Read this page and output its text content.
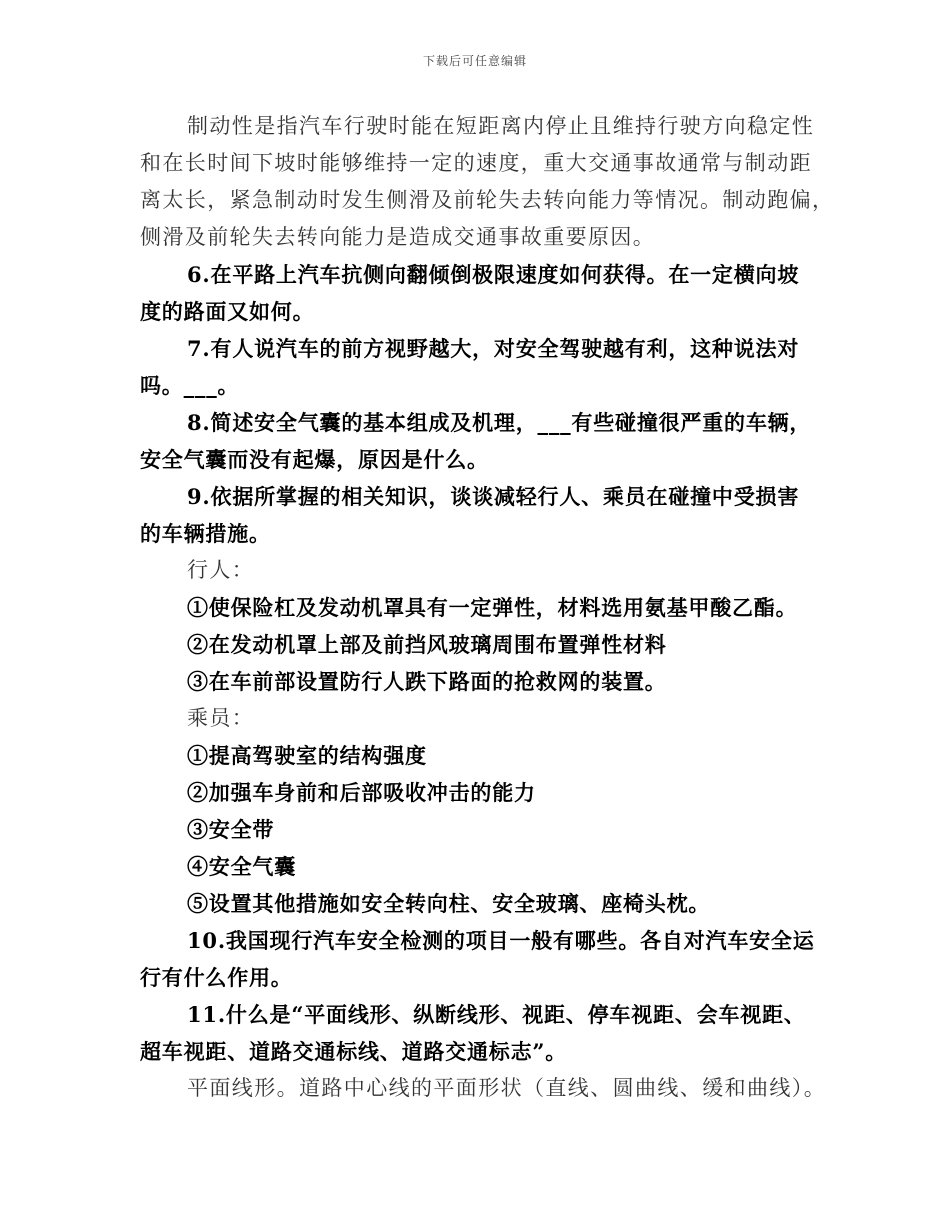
下载后可任意编辑
制动性是指汽车行驶时能在短距离内停止且维持行驶方向稳定性
和在长时间下坡时能够维持一定的速度，重大交通事故通常与制动距
离太长，紧急制动时发生侧滑及前轮失去转向能力等情况。制动跑偏，
侧滑及前轮失去转向能力是造成交通事故重要原因。
6.在平路上汽车抗侧向翻倾倒极限速度如何获得。在一定横向坡
度的路面又如何。
7.有人说汽车的前方视野越大，对安全驾驶越有利，这种说法对
吗。___。
8.简述安全气囊的基本组成及机理，___有些碰撞很严重的车辆，
安全气囊而没有起爆，原因是什么。
9.依据所掌握的相关知识，谈谈减轻行人、乘员在碰撞中受损害
的车辆措施。
行人：
①使保险杠及发动机罩具有一定弹性，材料选用氨基甲酸乙酯。
②在发动机罩上部及前挡风玻璃周围布置弹性材料
③在车前部设置防行人跌下路面的抢救网的装置。
乘员：
①提高驾驶室的结构强度
②加强车身前和后部吸收冲击的能力
③安全带
④安全气囊
⑤设置其他措施如安全转向柱、安全玻璃、座椅头枕。
10.我国现行汽车安全检测的项目一般有哪些。各自对汽车安全运
行有什么作用。
11.什么是“平面线形、纵断线形、视距、停车视距、会车视距、
超车视距、道路交通标线、道路交通标志”。
平面线形。道路中心线的平面形状（直线、圆曲线、缓和曲线）。
